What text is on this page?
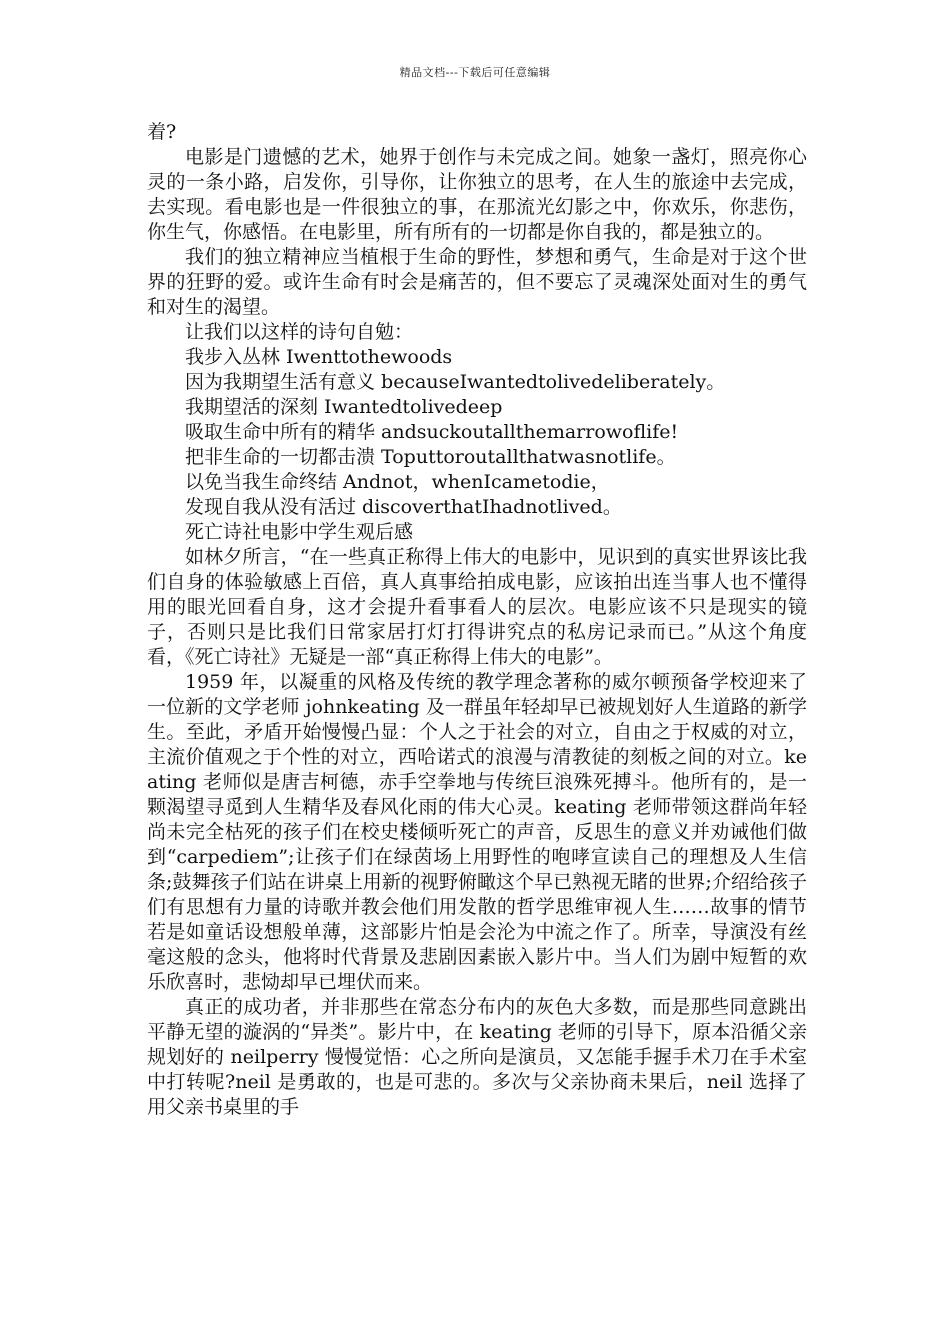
精品文档---下载后可任意编辑

着?

电影是门遗憾的艺术，她界于创作与未完成之间。她象一盏灯，照亮你心灵的一条小路，启发你，引导你，让你独立的思考，在人生的旅途中去完成，去实现。看电影也是一件很独立的事，在那流光幻影之中，你欢乐，你悲伤，你生气，你感悟。在电影里，所有所有的一切都是你自我的，都是独立的。

我们的独立精神应当植根于生命的野性，梦想和勇气，生命是对于这个世界的狂野的爱。或许生命有时会是痛苦的，但不要忘了灵魂深处面对生的勇气和对生的渴望。

让我们以这样的诗句自勉：

我步入丛林 Iwenttothewoods

因为我期望生活有意义 becauseIwantedtolivedeliberately。

我期望活的深刻 Iwantedtolivedeep

吸取生命中所有的精华 andsuckoutallthemarrowoflife!

把非生命的一切都击溃 Toputtoroutallthatwasnotlife。

以免当我生命终结 Andnot，whenIcametodie，

发现自我从没有活过 discoverthatIhadnotlived。

死亡诗社电影中学生观后感

如林夕所言，“在一些真正称得上伟大的电影中，见识到的真实世界该比我们自身的体验敏感上百倍，真人真事给拍成电影，应该拍出连当事人也不懂得用的眼光回看自身，这才会提升看事看人的层次。电影应该不只是现实的镜子，否则只是比我们日常家居打灯打得讲究点的私房记录而已。”从这个角度看，《死亡诗社》无疑是一部“真正称得上伟大的电影”。

1959 年，以凝重的风格及传统的教学理念著称的威尔顿预备学校迎来了一位新的文学老师 johnkeating 及一群虽年轻却早已被规划好人生道路的新学生。至此，矛盾开始慢慢凸显：个人之于社会的对立，自由之于权威的对立，主流价值观之于个性的对立，西哈诺式的浪漫与清教徒的刻板之间的对立。keating 老师似是唐吉柯德，赤手空拳地与传统巨浪殊死搏斗。他所有的，是一颗渴望寻觅到人生精华及春风化雨的伟大心灵。keating 老师带领这群尚年轻尚未完全枯死的孩子们在校史楼倾听死亡的声音，反思生的意义并劝诫他们做到“carpediem”;让孩子们在绿茵场上用野性的咆哮宣读自己的理想及人生信条;鼓舞孩子们站在讲桌上用新的视野俯瞰这个早已熟视无睹的世界;介绍给孩子们有思想有力量的诗歌并教会他们用发散的哲学思维审视人生……故事的情节若是如童话设想般单薄，这部影片怕是会沦为中流之作了。所幸，导演没有丝毫这般的念头，他将时代背景及悲剧因素嵌入影片中。当人们为剧中短暂的欢乐欣喜时，悲恸却早已埋伏而来。

真正的成功者，并非那些在常态分布内的灰色大多数，而是那些同意跳出平静无望的漩涡的“异类”。影片中，在 keating 老师的引导下，原本沿循父亲规划好的 neilperry 慢慢觉悟：心之所向是演员，又怎能手握手术刀在手术室中打转呢?neil 是勇敢的，也是可悲的。多次与父亲协商未果后，neil 选择了用父亲书桌里的手
